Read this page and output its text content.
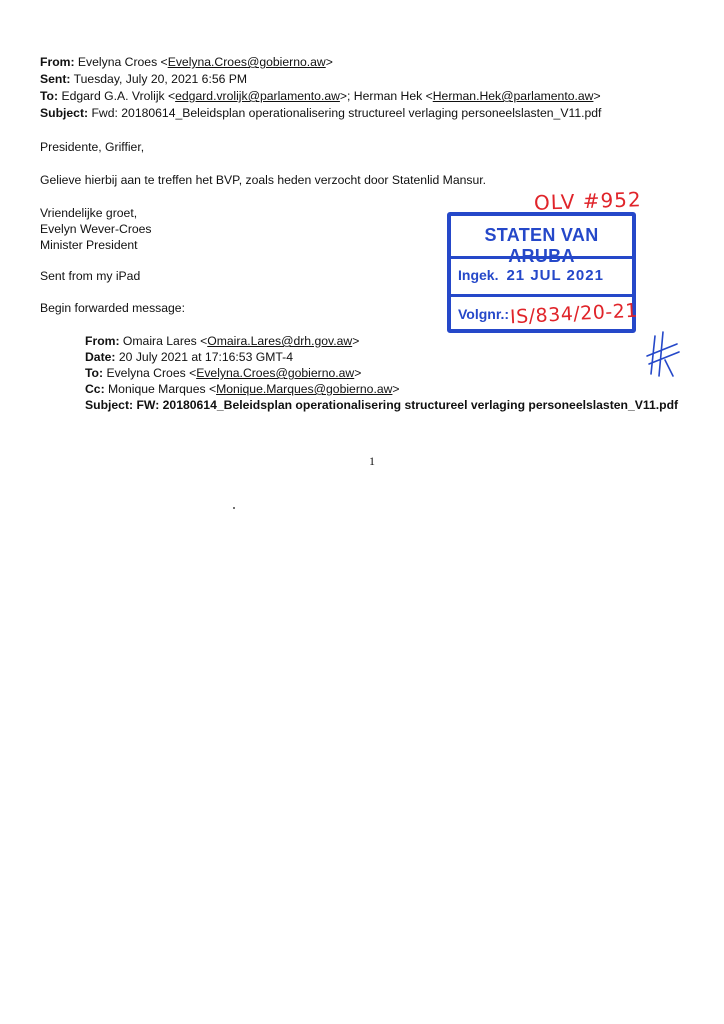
From: Evelyna Croes <Evelyna.Croes@gobierno.aw>
Sent: Tuesday, July 20, 2021 6:56 PM
To: Edgard G.A. Vrolijk <edgard.vrolijk@parlamento.aw>; Herman Hek <Herman.Hek@parlamento.aw>
Subject: Fwd: 20180614_Beleidsplan operationalisering structureel verlaging personeelslasten_V11.pdf
Presidente, Griffier,
Gelieve hierbij aan te treffen het BVP, zoals heden verzocht door Statenlid Mansur.
Vriendelijke groet,
Evelyn Wever-Croes
Minister President
Sent from my iPad
Begin forwarded message:
From: Omaira Lares <Omaira.Lares@drh.gov.aw>
Date: 20 July 2021 at 17:16:53 GMT-4
To: Evelyna Croes <Evelyna.Croes@gobierno.aw>
Cc: Monique Marques <Monique.Marques@gobierno.aw>
Subject: FW: 20180614_Beleidsplan operationalisering structureel verlaging personeelslasten_V11.pdf
OLV #952
STATEN VAN
Ingek. 21 JUL 2021
Volgnr.: IS/834/20-21
1
